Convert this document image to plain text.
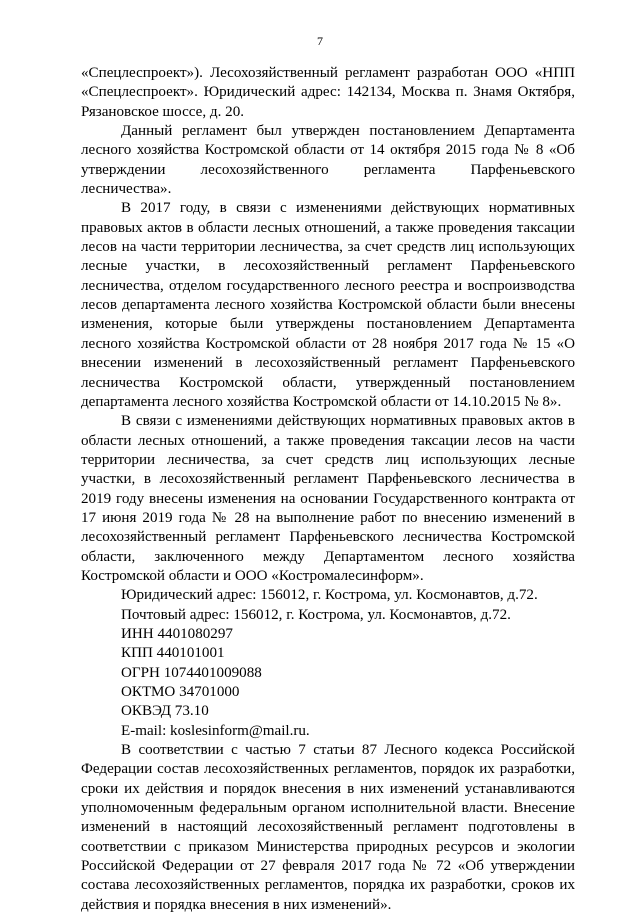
7

«Спецлеспроект»). Лесохозяйственный регламент разработан ООО «НПП «Спецлеспроект». Юридический адрес: 142134, Москва п. Знамя Октября, Рязановское шоссе, д. 20.

Данный регламент был утвержден постановлением Департамента лесного хозяйства Костромской области от 14 октября 2015 года № 8 «Об утверждении лесохозяйственного регламента Парфеньевского лесничества».

В 2017 году, в связи с изменениями действующих нормативных правовых актов в области лесных отношений, а также проведения таксации лесов на части территории лесничества, за счет средств лиц использующих лесные участки, в лесохозяйственный регламент Парфеньевского лесничества, отделом государственного лесного реестра и воспроизводства лесов департамента лесного хозяйства Костромской области были внесены изменения, которые были утверждены постановлением Департамента лесного хозяйства Костромской области от 28 ноября 2017 года № 15 «О внесении изменений в лесохозяйственный регламент Парфеньевского лесничества Костромской области, утвержденный постановлением департамента лесного хозяйства Костромской области от 14.10.2015 № 8».

В связи с изменениями действующих нормативных правовых актов в области лесных отношений, а также проведения таксации лесов на части территории лесничества, за счет средств лиц использующих лесные участки, в лесохозяйственный регламент Парфеньевского лесничества в 2019 году внесены изменения на основании Государственного контракта от 17 июня 2019 года № 28 на выполнение работ по внесению изменений в лесохозяйственный регламент Парфеньевского лесничества Костромской области, заключенного между Департаментом лесного хозяйства Костромской области и ООО «Костромалесинформ».

Юридический адрес: 156012, г. Кострома, ул. Космонавтов, д.72.

Почтовый адрес: 156012, г. Кострома, ул. Космонавтов, д.72.

ИНН 4401080297

КПП 440101001

ОГРН 1074401009088

ОКТМО 34701000

ОКВЭД 73.10

E-mail: koslesinform@mail.ru.

В соответствии с частью 7 статьи 87 Лесного кодекса Российской Федерации состав лесохозяйственных регламентов, порядок их разработки, сроки их действия и порядок внесения в них изменений устанавливаются уполномоченным федеральным органом исполнительной власти. Внесение изменений в настоящий лесохозяйственный регламент подготовлены в соответствии с приказом Министерства природных ресурсов и экологии Российской Федерации от 27 февраля 2017 года № 72 «Об утверждении состава лесохозяйственных регламентов, порядка их разработки, сроков их действия и порядка внесения в них изменений».
